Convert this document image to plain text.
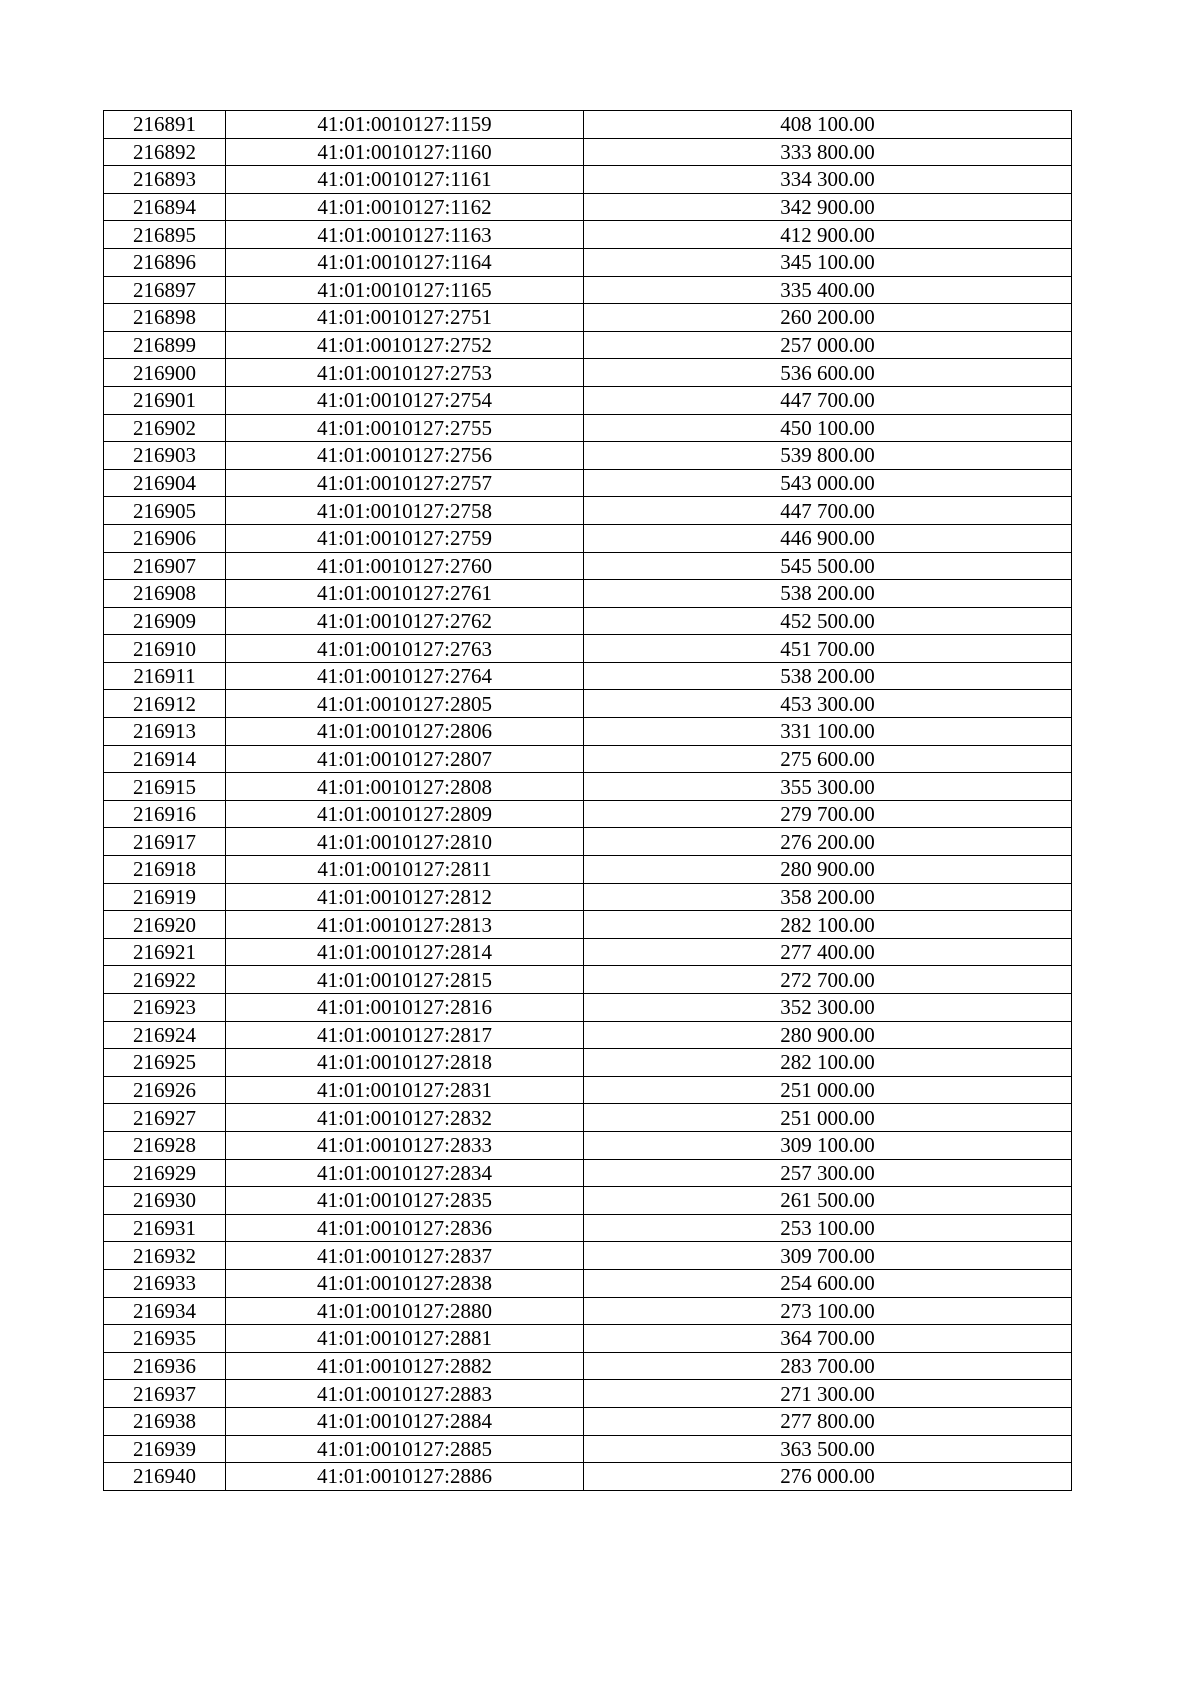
216891	41:01:0010127:1159	408 100.00
216892	41:01:0010127:1160	333 800.00
216893	41:01:0010127:1161	334 300.00
216894	41:01:0010127:1162	342 900.00
216895	41:01:0010127:1163	412 900.00
216896	41:01:0010127:1164	345 100.00
216897	41:01:0010127:1165	335 400.00
216898	41:01:0010127:2751	260 200.00
216899	41:01:0010127:2752	257 000.00
216900	41:01:0010127:2753	536 600.00
216901	41:01:0010127:2754	447 700.00
216902	41:01:0010127:2755	450 100.00
216903	41:01:0010127:2756	539 800.00
216904	41:01:0010127:2757	543 000.00
216905	41:01:0010127:2758	447 700.00
216906	41:01:0010127:2759	446 900.00
216907	41:01:0010127:2760	545 500.00
216908	41:01:0010127:2761	538 200.00
216909	41:01:0010127:2762	452 500.00
216910	41:01:0010127:2763	451 700.00
216911	41:01:0010127:2764	538 200.00
216912	41:01:0010127:2805	453 300.00
216913	41:01:0010127:2806	331 100.00
216914	41:01:0010127:2807	275 600.00
216915	41:01:0010127:2808	355 300.00
216916	41:01:0010127:2809	279 700.00
216917	41:01:0010127:2810	276 200.00
216918	41:01:0010127:2811	280 900.00
216919	41:01:0010127:2812	358 200.00
216920	41:01:0010127:2813	282 100.00
216921	41:01:0010127:2814	277 400.00
216922	41:01:0010127:2815	272 700.00
216923	41:01:0010127:2816	352 300.00
216924	41:01:0010127:2817	280 900.00
216925	41:01:0010127:2818	282 100.00
216926	41:01:0010127:2831	251 000.00
216927	41:01:0010127:2832	251 000.00
216928	41:01:0010127:2833	309 100.00
216929	41:01:0010127:2834	257 300.00
216930	41:01:0010127:2835	261 500.00
216931	41:01:0010127:2836	253 100.00
216932	41:01:0010127:2837	309 700.00
216933	41:01:0010127:2838	254 600.00
216934	41:01:0010127:2880	273 100.00
216935	41:01:0010127:2881	364 700.00
216936	41:01:0010127:2882	283 700.00
216937	41:01:0010127:2883	271 300.00
216938	41:01:0010127:2884	277 800.00
216939	41:01:0010127:2885	363 500.00
216940	41:01:0010127:2886	276 000.00
